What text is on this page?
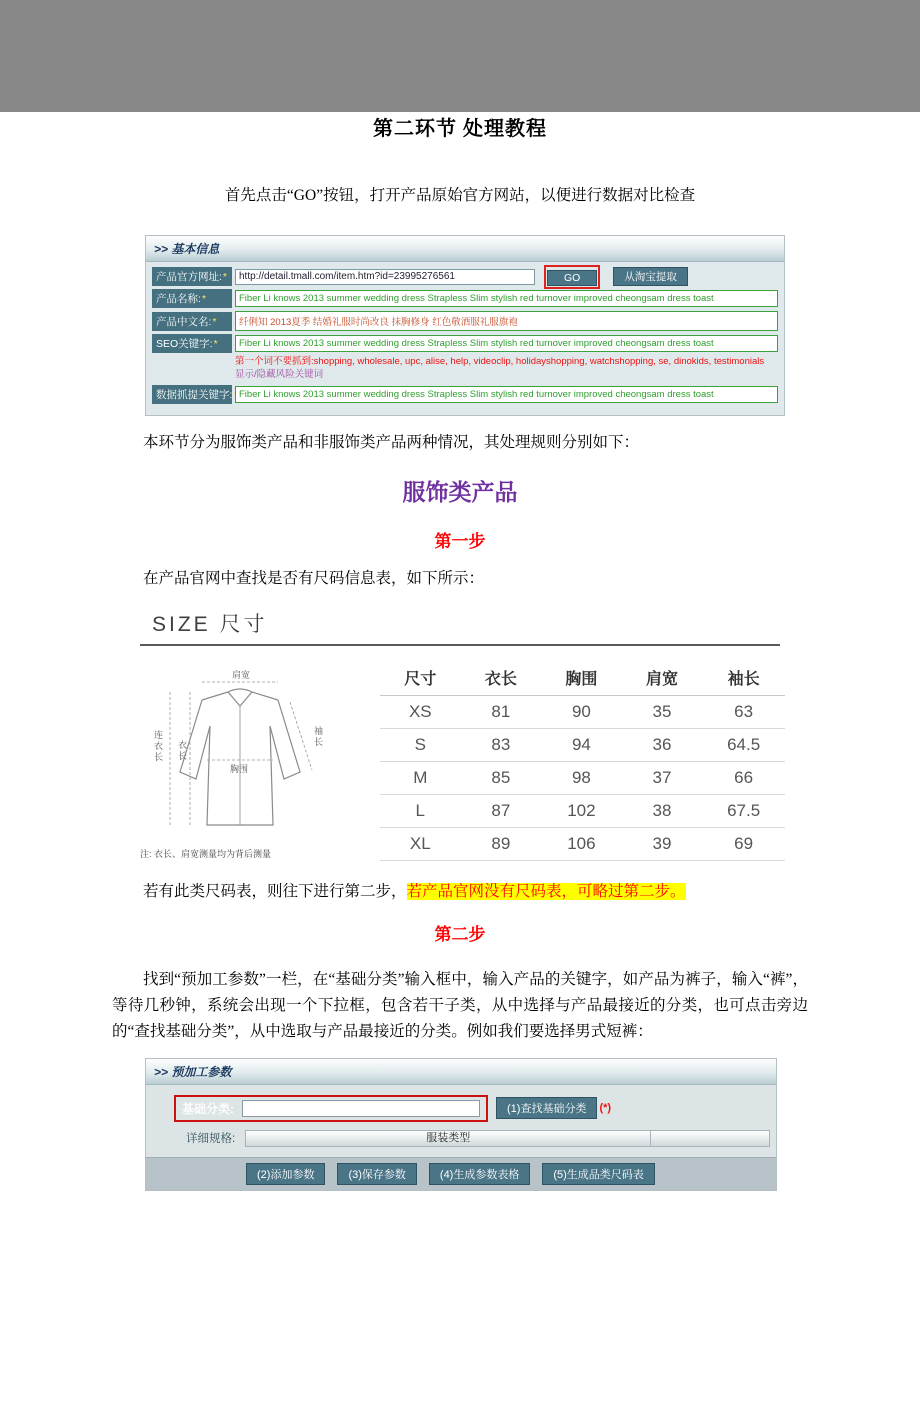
第二环节 处理教程
首先点击“GO”按钮，打开产品原始官方网站，以便进行数据对比检查
>> 基本信息
产品官方网址:*
http://detail.tmall.com/item.htm?id=23995276561	GO	从淘宝提取
产品名称:*	Fiber Li knows 2013 summer wedding dress Strapless Slim stylish red turnover improved cheongsam dress toast
产品中文名:*	纤俐知 2013夏季 结婚礼服时尚改良 抹胸修身 红色敬酒服礼服旗袍
SEO关键字:*	Fiber Li knows 2013 summer wedding dress Strapless Slim stylish red turnover improved cheongsam dress toast
第一个词不要抓到:shopping, wholesale, upc, alise, help, videoclip, holidayshopping, watchshopping, se, dinokids, testimonials
显示/隐藏风险关键词
数据抓提关键字: Fiber Li knows 2013 summer wedding dress Strapless Slim stylish red turnover improved cheongsam dress toast
本环节分为服饰类产品和非服饰类产品两种情况，其处理规则分别如下：
服饰类产品
第一步
在产品官网中查找是否有尺码信息表，如下所示：
SIZE 尺寸
肩宽
连衣长 衣长
胸围
袖长
注: 衣长、肩宽测量均为背后测量
尺寸	衣长	胸围	肩宽	袖长
XS	81	90	35	63
S	83	94	36	64.5
M	85	98	37	66
L	87	102	38	67.5
XL	89	106	39	69
若有此类尺码表，则往下进行第二步，若产品官网没有尺码表，可略过第二步。
第二步
找到“预加工参数”一栏，在“基础分类”输入框中，输入产品的关键字，如产品为裤子，输入“裤”，等待几秒钟，系统会出现一个下拉框，包含若干子类，从中选择与产品最接近的分类，也可点击旁边的“查找基础分类”，从中选取与产品最接近的分类。例如我们要选择男式短裤：
>> 预加工参数
基础分类:	(1)查找基础分类	(*)
详细规格:	服装类型
(2)添加参数	(3)保存参数	(4)生成参数表格	(5)生成品类尺码表
